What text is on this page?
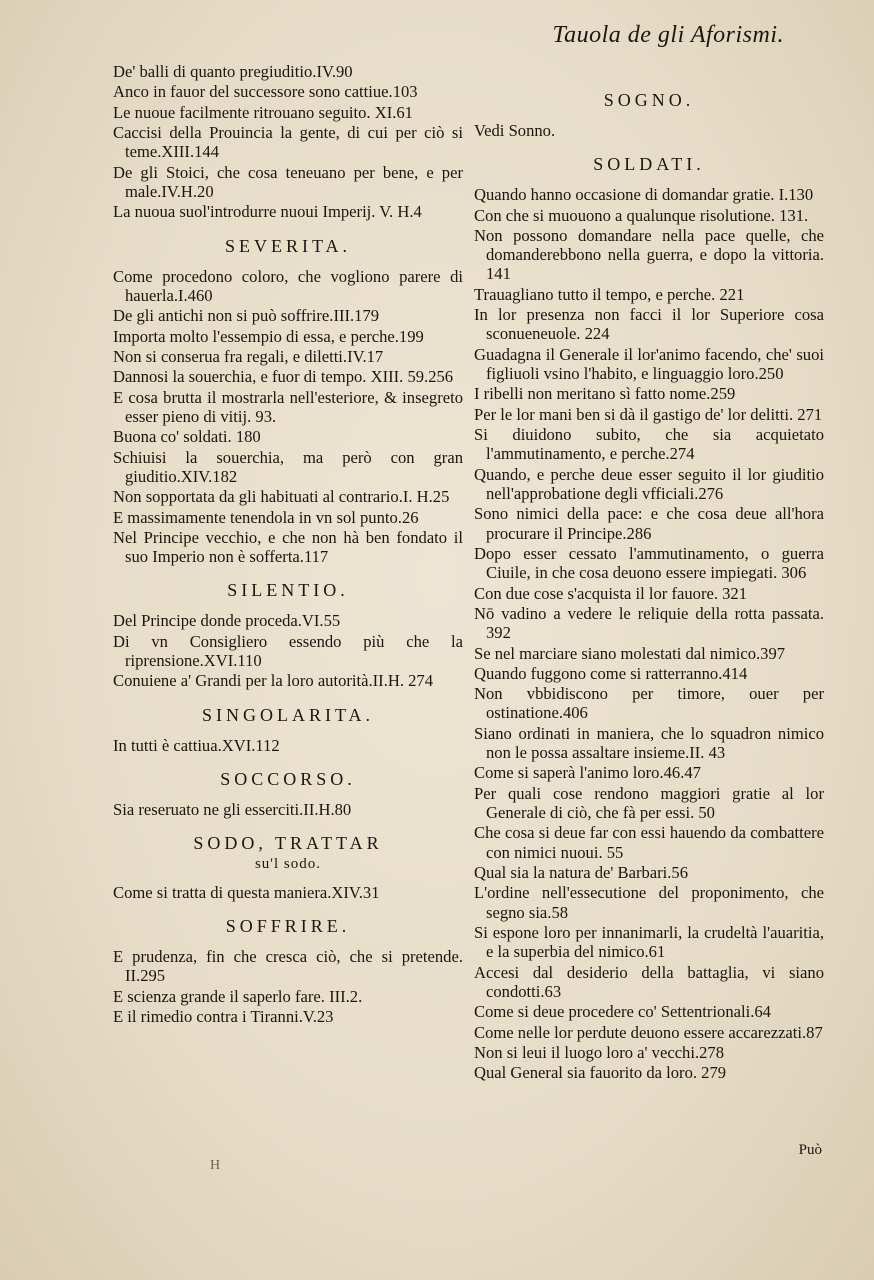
Tauola de gli Aforismi.
De' balli di quanto pregiuditio.IV.90
Anco in fauor del successore sono cattiue.103
Le nuoue facilmente ritrouano seguito. XI.61
Caccisi della Prouincia la gente, di cui per ciò si teme.XIII.144
De gli Stoici, che cosa teneuano per bene, e per male.IV.H.20
La nuoua suol'introdurre nuoui Imperij. V. H.4
SEVERITA.
Come procedono coloro, che vogliono parere di hauerla.I.460
De gli antichi non si può soffrire.III.179
Importa molto l'essempio di essa, e perche.199
Non si conserua fra regali, e diletti.IV.17
Dannosi la souerchia, e fuor di tempo. XIII. 59.256
E cosa brutta il mostrarla nell'esteriore, & insegreto esser pieno di vitij. 93.
Buona co' soldati. 180
Schiuisi la souerchia, ma però con gran giuditio.XIV.182
Non sopportata da gli habituati al contrario.I. H.25
E massimamente tenendola in vn sol punto.26
Nel Principe vecchio, e che non hà ben fondato il suo Imperio non è sofferta.117
SILENTIO.
Del Principe donde proceda.VI.55
Di vn Consigliero essendo più che la riprensione.XVI.110
Conuiene a' Grandi per la loro autorità.II.H. 274
SINGOLARITA.
In tutti è cattiua.XVI.112
SOCCORSO.
Sia reseruato ne gli esserciti.II.H.80
SODO, TRATTAR
su'l sodo.
Come si tratta di questa maniera.XIV.31
SOFFRIRE.
E prudenza, fin che cresca ciò, che si pretende. II.295
E scienza grande il saperlo fare. III.2.
E il rimedio contra i Tiranni.V.23
SOGNO.
Vedi Sonno.
SOLDATI.
Quando hanno occasione di domandar gratie. I.130
Con che si muouono a qualunque risolutione. 131.
Non possono domandare nella pace quelle, che domanderebbono nella guerra, e dopo la vittoria. 141
Trauagliano tutto il tempo, e perche. 221
In lor presenza non facci il lor Superiore cosa sconueneuole. 224
Guadagna il Generale il lor'animo facendo, che' suoi figliuoli vsino l'habito, e linguaggio loro.250
I ribelli non meritano sì fatto nome.259
Per le lor mani ben si dà il gastigo de' lor delitti. 271
Si diuidono subito, che sia acquietato l'ammutinamento, e perche.274
Quando, e perche deue esser seguito il lor giuditio nell'approbatione degli vfficiali.276
Sono nimici della pace: e che cosa deue all'hora procurare il Principe.286
Dopo esser cessato l'ammutinamento, o guerra Ciuile, in che cosa deuono essere impiegati. 306
Con due cose s'acquista il lor fauore. 321
Nō vadino a vedere le reliquie della rotta passata. 392
Se nel marciare siano molestati dal nimico.397
Quando fuggono come si ratterranno.414
Non vbbidiscono per timore, ouer per ostinatione.406
Siano ordinati in maniera, che lo squadron nimico non le possa assaltare insieme.II. 43
Come si saperà l'animo loro.46.47
Per quali cose rendono maggiori gratie al lor Generale di ciò, che fà per essi. 50
Che cosa si deue far con essi hauendo da combattere con nimici nuoui. 55
Qual sia la natura de' Barbari.56
L'ordine nell'essecutione del proponimento, che segno sia.58
Si espone loro per innanimarli, la crudeltà l'auaritia, e la superbia del nimico.61
Accesi dal desiderio della battaglia, vi siano condotti.63
Come si deue procedere co' Settentrionali.64
Come nelle lor perdute deuono essere accarezzati.87
Non si leui il luogo loro a' vecchi.278
Qual General sia fauorito da loro. 279
H
Può
